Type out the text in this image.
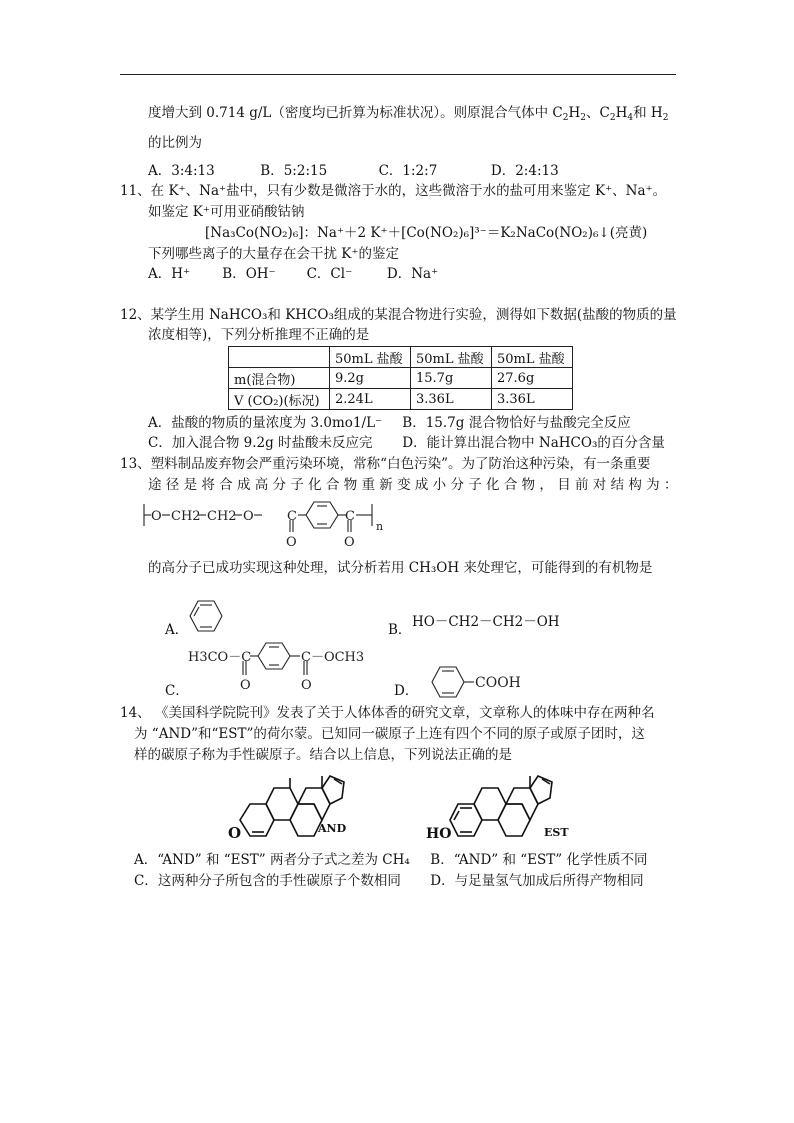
度增大到 0.714 g/L（密度均已折算为标准状况）。则原混合气体中 $C_2H_2$、$C_2H_4$和 $H_2$
的比例为
A．3:4:13	B．5:2:15	C．1:2:7	D．2:4:13
11、在 K⁺、Na⁺盐中，只有少数是微溶于水的，这些微溶于水的盐可用来鉴定 K⁺、Na⁺。
如鉴定 K⁺可用亚硝酸钴钠
[Na₃Co(NO₂)₆]：Na⁺＋2 K⁺＋[Co(NO₂)₆]³⁻＝K₂NaCo(NO₂)₆↓(亮黄)
下列哪些离子的大量存在会干扰 K⁺的鉴定
A．H⁺ B．OH⁻ C．Cl⁻	D．Na⁺
12、某学生用 NaHCO₃和 KHCO₃组成的某混合物进行实验，测得如下数据(盐酸的物质的量
浓度相等)，下列分析推理不正确的是
	50mL 盐酸	50mL 盐酸	50mL 盐酸
m(混合物)	9.2g	15.7g	27.6g
V (CO₂)(标况)	2.24L	3.36L	3.36L
A．盐酸的物质的量浓度为 3.0mo1/L⁻ B．15.7g 混合物恰好与盐酸完全反应
C．加入混合物 9.2g 时盐酸未反应完 D．能计算出混合物中 NaHCO₃的百分含量
13、塑料制品废弃物会严重污染环境，常称“白色污染”。为了防治这种污染，有一条重要
途 径 是 将 合 成 高 分 子 化 合 物 重 新 变 成 小 分 子 化 合 物 ， 目 前 对 结 构 为 ：
O CH2 CH2 O	C
O
C
O
n
的高分子已成功实现这种处理，试分析若用 CH₃OH 来处理它，可能得到的有机物是
A．	B． HO－CH2－CH2－OH
H3CO－C	C－OCH3
O	O
C．	D．	COOH
14、 《美国科学院院刊》发表了关于人体体香的研究文章，文章称人的体味中存在两种名
为 “AND”和“EST”的荷尔蒙。已知同一碳原子上连有四个不同的原子或原子团时，这
样的碳原子称为手性碳原子。结合以上信息，下列说法正确的是
O	AND	HO	EST
A．“AND” 和 “EST” 两者分子式之差为 CH₄ B．“AND” 和 “EST” 化学性质不同
C．这两种分子所包含的手性碳原子个数相同 D．与足量氢气加成后所得产物相同
